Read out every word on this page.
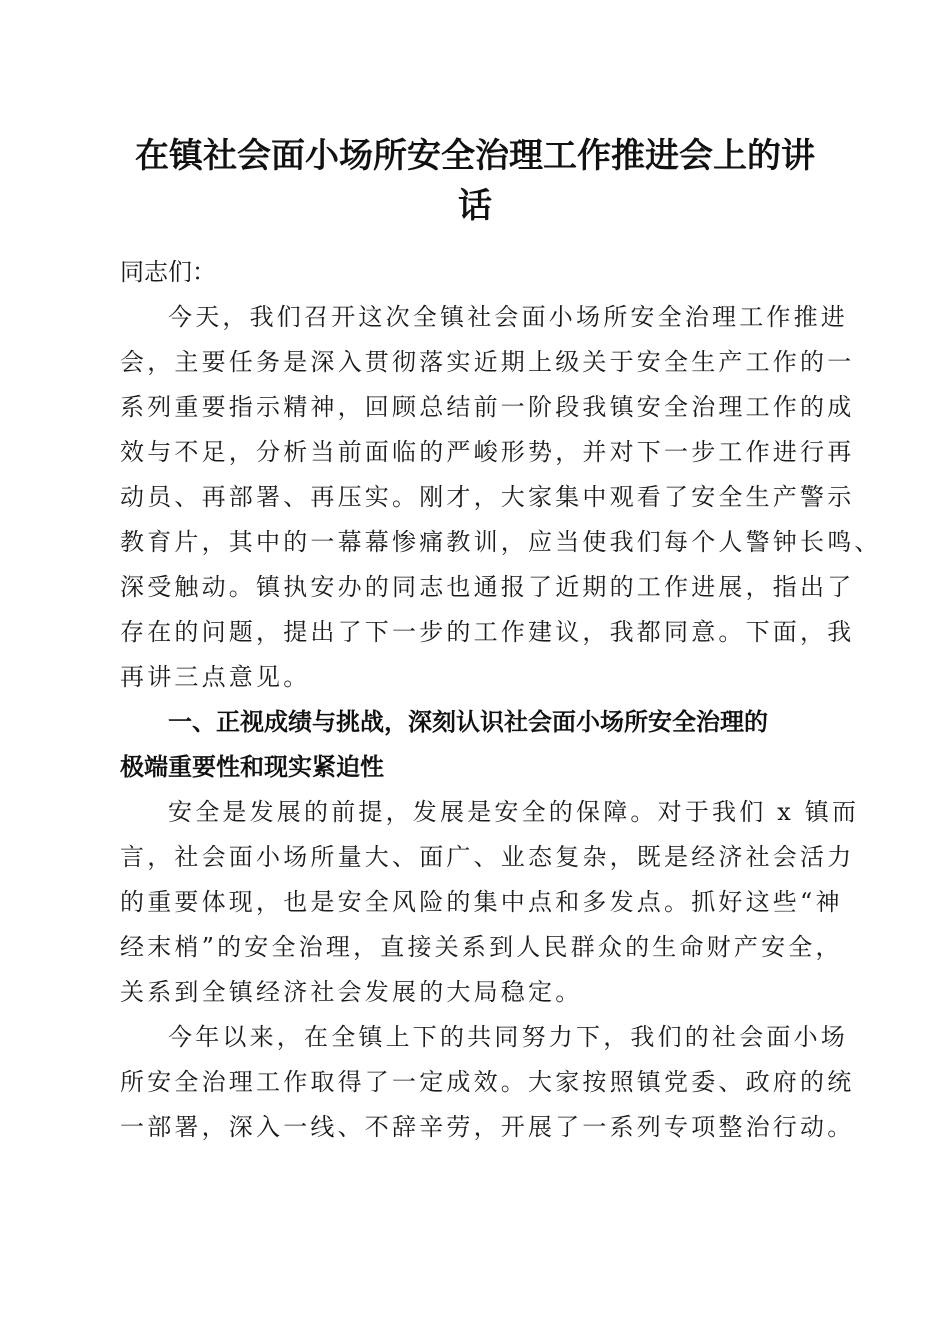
在镇社会面小场所安全治理工作推进会上的讲
话
同志们：
今天，我们召开这次全镇社会面小场所安全治理工作推进
会，主要任务是深入贯彻落实近期上级关于安全生产工作的一
系列重要指示精神，回顾总结前一阶段我镇安全治理工作的成
效与不足，分析当前面临的严峻形势，并对下一步工作进行再
动员、再部署、再压实。刚才，大家集中观看了安全生产警示
教育片，其中的一幕幕惨痛教训，应当使我们每个人警钟长鸣、
深受触动。镇执安办的同志也通报了近期的工作进展，指出了
存在的问题，提出了下一步的工作建议，我都同意。下面，我
再讲三点意见。
一、正视成绩与挑战，深刻认识社会面小场所安全治理的
极端重要性和现实紧迫性
安全是发展的前提，发展是安全的保障。对于我们 x 镇而
言，社会面小场所量大、面广、业态复杂，既是经济社会活力
的重要体现，也是安全风险的集中点和多发点。抓好这些“神
经末梢”的安全治理，直接关系到人民群众的生命财产安全，
关系到全镇经济社会发展的大局稳定。
今年以来，在全镇上下的共同努力下，我们的社会面小场
所安全治理工作取得了一定成效。大家按照镇党委、政府的统
一部署，深入一线、不辞辛劳，开展了一系列专项整治行动。
